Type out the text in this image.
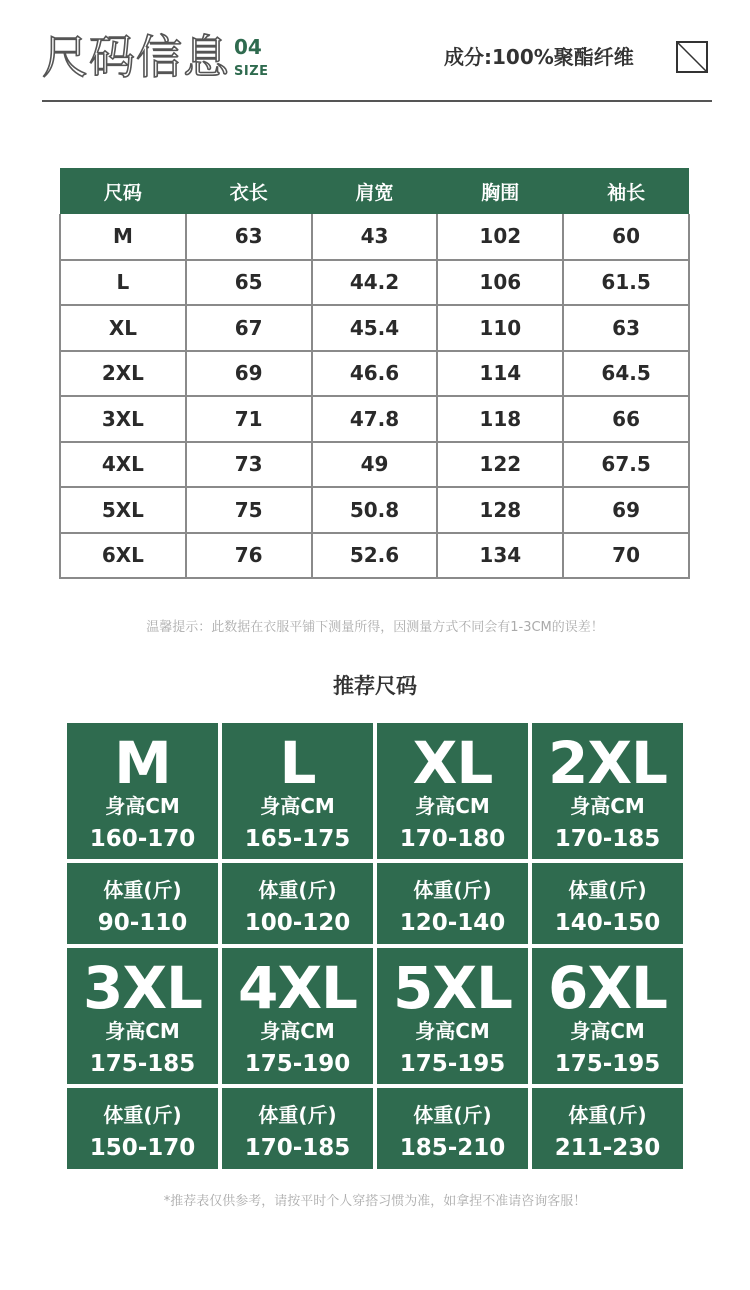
尺码信息 04
SIZE
成分:100%聚酯纤维
尺码	衣长	肩宽	胸围	袖长
M	63	43	102	60
L	65	44.2	106	61.5
XL	67	45.4	110	63
2XL	69	46.6	114	64.5
3XL	71	47.8	118	66
4XL	73	49	122	67.5
5XL	75	50.8	128	69
6XL	76	52.6	134	70
温馨提示：此数据在衣服平铺下测量所得，因测量方式不同会有1-3CM的误差！
推荐尺码
M
身高CM
160-170
体重(斤)
90-110
L
身高CM
165-175
体重(斤)
100-120
XL
身高CM
170-180
体重(斤)
120-140
2XL
身高CM
170-185
体重(斤)
140-150
3XL
身高CM
175-185
体重(斤)
150-170
4XL
身高CM
175-190
体重(斤)
170-185
5XL
身高CM
175-195
体重(斤)
185-210
6XL
身高CM
175-195
体重(斤)
211-230
*推荐表仅供参考，请按平时个人穿搭习惯为准，如拿捏不准请咨询客服！
